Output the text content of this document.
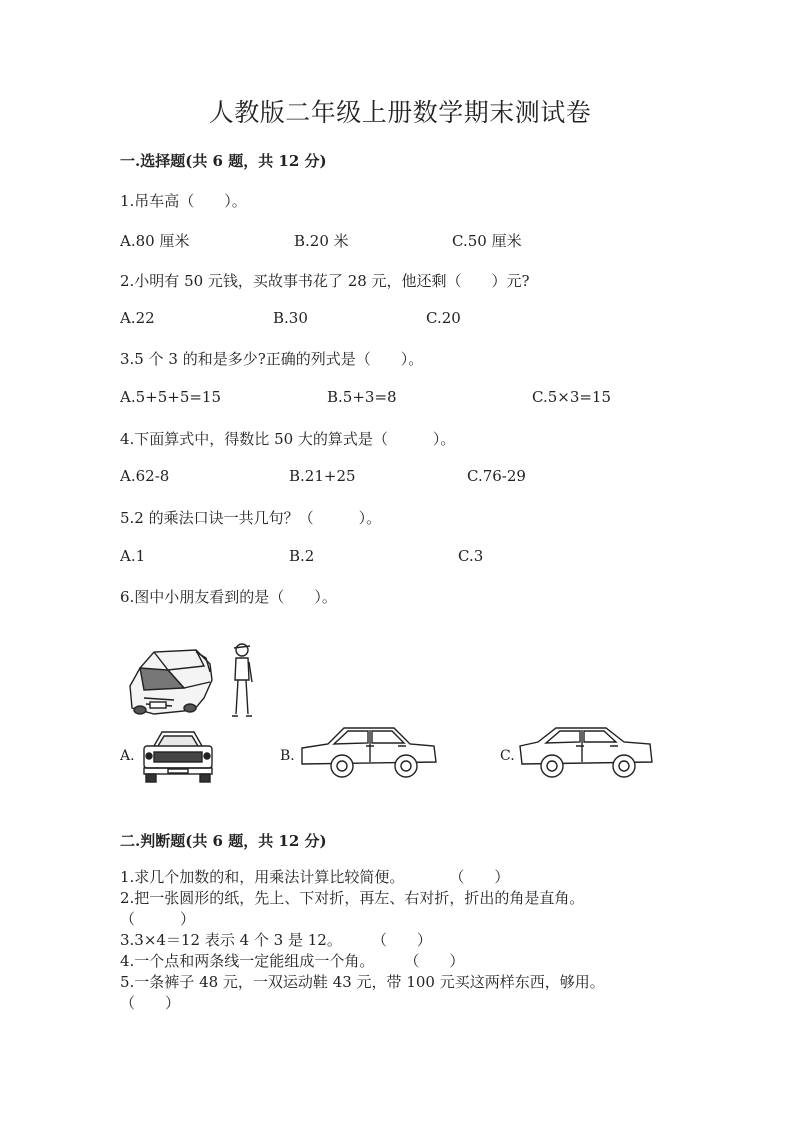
人教版二年级上册数学期末测试卷
一.选择题(共 6 题，共 12 分)
1.吊车高（　　）。
A.80 厘米	B.20 米	C.50 厘米
2.小明有 50 元钱，买故事书花了 28 元，他还剩（　　）元?
A.22	B.30	C.20
3.5 个 3 的和是多少?正确的列式是（　　）。
A.5+5+5=15	B.5+3=8	C.5×3=15
4.下面算式中，得数比 50 大的算式是（　　　）。
A.62-8	B.21+25	C.76-29
5.2 的乘法口诀一共几句？（　　　）。
A.1	B.2	C.3
6.图中小朋友看到的是（　　）。
A.	B.	C.
二.判断题(共 6 题，共 12 分)
1.求几个加数的和，用乘法计算比较简便。　　　　（　　）
2.把一张圆形的纸，先上、下对折，再左、右对折，折出的角是直角。
（　　　）
3.3×4＝12 表示 4 个 3 是 12。　　　（　　）
4.一个点和两条线一定能组成一个角。　　　（　　）
5.一条裤子 48 元，一双运动鞋 43 元，带 100 元买这两样东西，够用。
（　　）
